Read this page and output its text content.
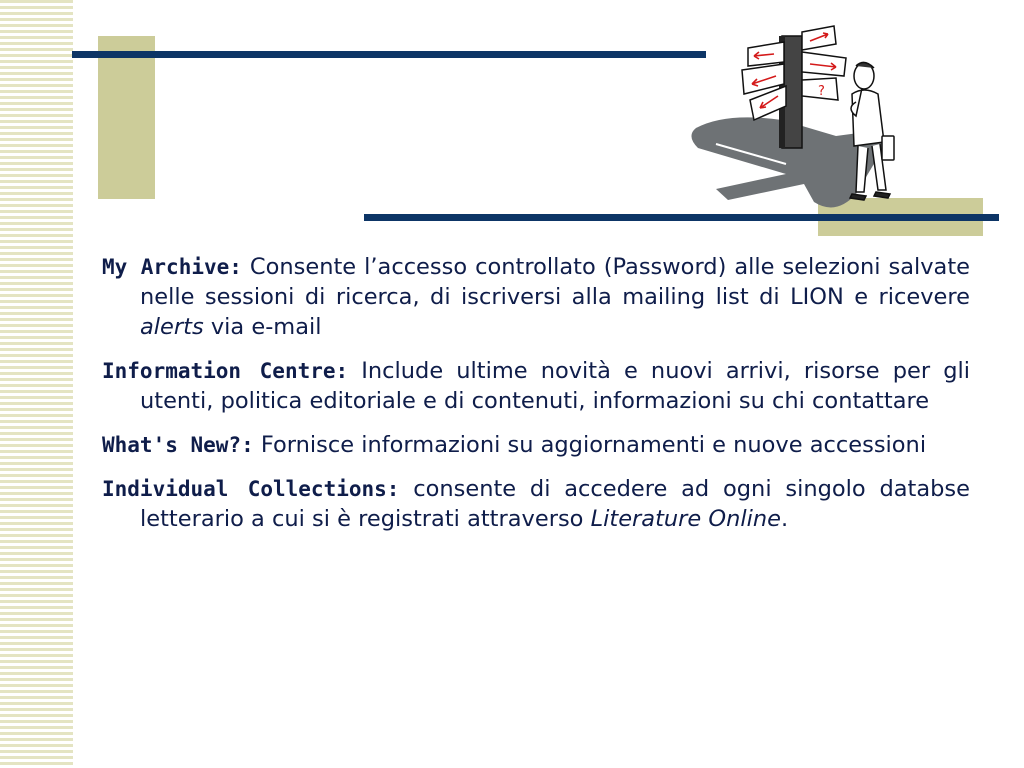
?

My Archive: Consente l’accesso controllato (Password) alle selezioni salvate nelle sessioni di ricerca, di iscriversi alla mailing list di LION e ricevere alerts via e-mail

Information Centre: Include ultime novità e nuovi arrivi, risorse per gli utenti, politica editoriale e di contenuti, informazioni su chi contattare

What's New?: Fornisce informazioni su aggiornamenti e nuove accessioni

Individual Collections: consente di accedere ad ogni singolo databse letterario a cui si è registrati attraverso Literature Online.
